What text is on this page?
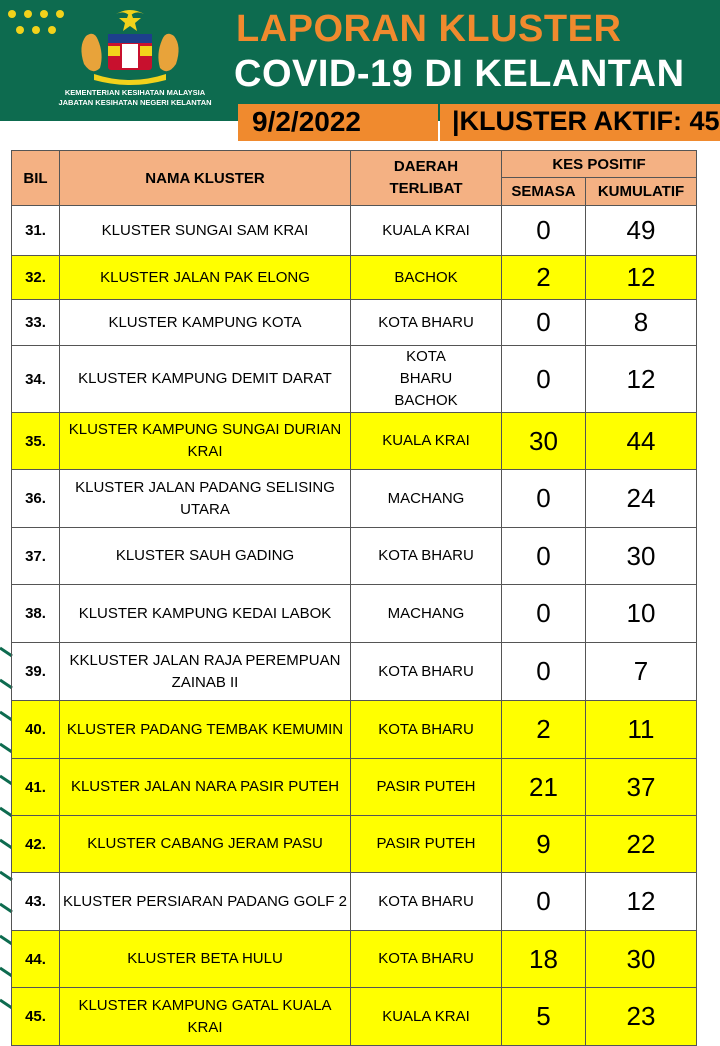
KEMENTERIAN KESIHATAN MALAYSIA
JABATAN KESIHATAN NEGERI KELANTAN
LAPORAN KLUSTER
COVID-19 DI KELANTAN
9/2/2022	|KLUSTER AKTIF: 45
BIL	NAMA KLUSTER	DAERAH
TERLIBAT	KES POSITIF	
			SEMASA	KUMULATIF
31.	KLUSTER SUNGAI SAM KRAI	KUALA KRAI	0	49
32.	KLUSTER JALAN PAK ELONG	BACHOK	2	12
33.	KLUSTER KAMPUNG KOTA	KOTA BHARU	0	8
34.	KLUSTER KAMPUNG DEMIT DARAT	KOTA BHARU BACHOK	0	12
35.	KLUSTER KAMPUNG SUNGAI DURIAN KRAI	KUALA KRAI	30	44
36.	KLUSTER JALAN PADANG SELISING UTARA	MACHANG	0	24
37.	KLUSTER SAUH GADING	KOTA BHARU	0	30
38.	KLUSTER KAMPUNG KEDAI LABOK	MACHANG	0	10
39.	KKLUSTER JALAN RAJA PEREMPUAN ZAINAB II	KOTA BHARU	0	7
40.	KLUSTER PADANG TEMBAK KEMUMIN	KOTA BHARU	2	11
41.	KLUSTER JALAN NARA PASIR PUTEH	PASIR PUTEH	21	37
42.	KLUSTER CABANG JERAM PASU	PASIR PUTEH	9	22
43.	KLUSTER PERSIARAN PADANG GOLF 2	KOTA BHARU	0	12
44.	KLUSTER BETA HULU	KOTA BHARU	18	30
45.	KLUSTER KAMPUNG GATAL KUALA KRAI	KUALA KRAI	5	23
